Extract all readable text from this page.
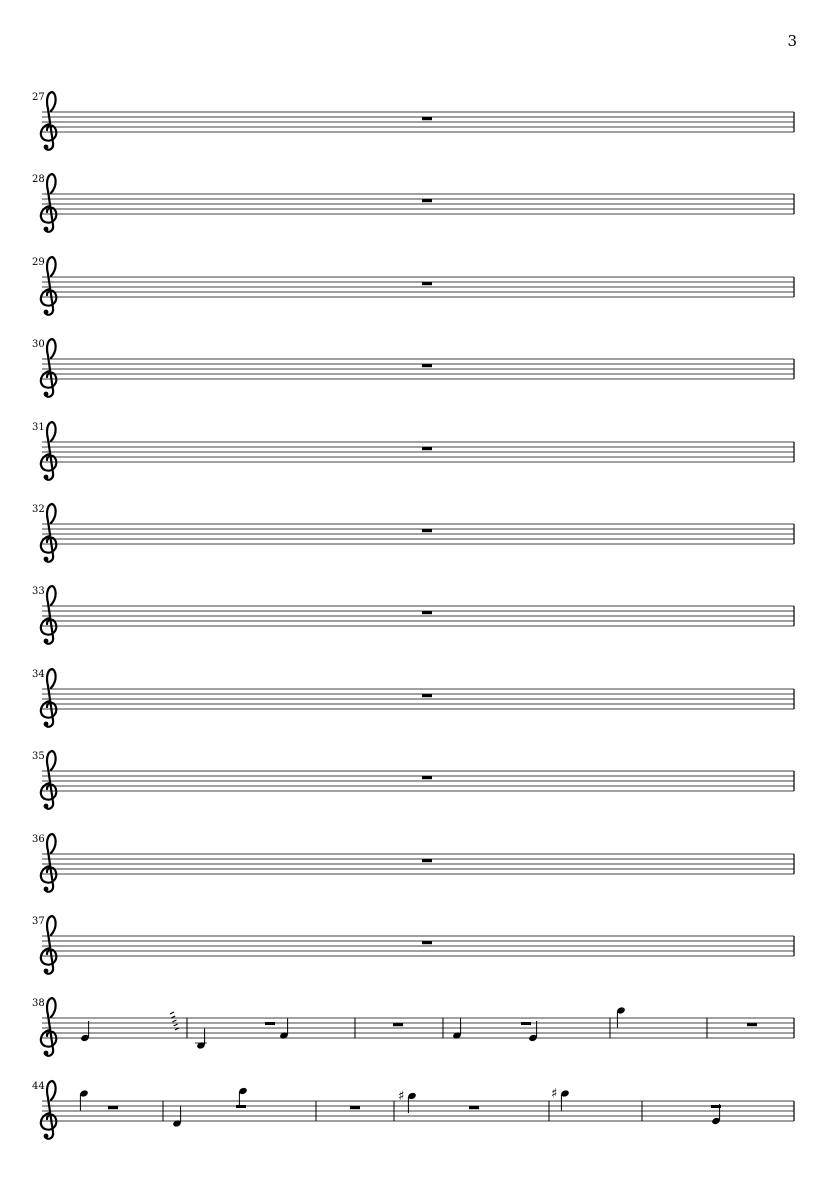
3
27
28
29
30
31
32
33
34
35
36
37
38
44
♯	♯
